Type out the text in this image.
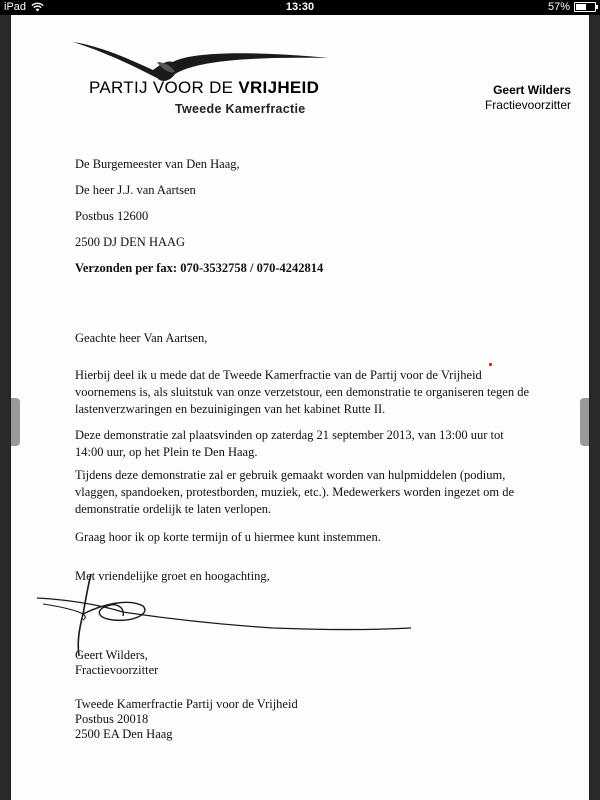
iPad	13:30	57%
PARTIJ VOOR DE VRIJHEID
Tweede Kamerfractie
Geert Wilders
Fractievoorzitter
De Burgemeester van Den Haag,
De heer J.J. van Aartsen
Postbus 12600
2500 DJ DEN HAAG
Verzonden per fax: 070-3532758 / 070-4242814
Geachte heer Van Aartsen,
Hierbij deel ik u mede dat de Tweede Kamerfractie van de Partij voor de Vrijheid voornemens is, als sluitstuk van onze verzetstour, een demonstratie te organiseren tegen de lastenverzwaringen en bezuinigingen van het kabinet Rutte II.
Deze demonstratie zal plaatsvinden op zaterdag 21 september 2013, van 13:00 uur tot 14:00 uur, op het Plein te Den Haag.
Tijdens deze demonstratie zal er gebruik gemaakt worden van hulpmiddelen (podium, vlaggen, spandoeken, protestborden, muziek, etc.). Medewerkers worden ingezet om de demonstratie ordelijk te laten verlopen.
Graag hoor ik op korte termijn of u hiermee kunt instemmen.
Met vriendelijke groet en hoogachting,
Geert Wilders,
Fractievoorzitter
Tweede Kamerfractie Partij voor de Vrijheid
Postbus 20018
2500 EA Den Haag
